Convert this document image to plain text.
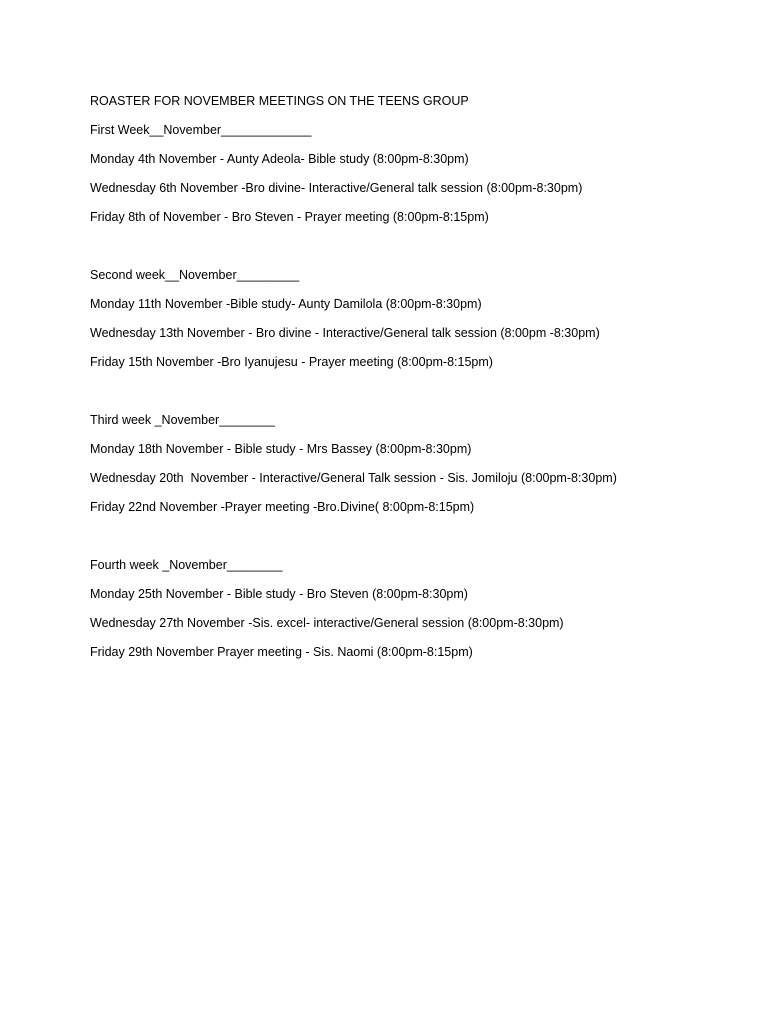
ROASTER FOR NOVEMBER MEETINGS ON THE TEENS GROUP
First Week__November_____________
Monday 4th November - Aunty Adeola- Bible study (8:00pm-8:30pm)
Wednesday 6th November -Bro divine- Interactive/General talk session (8:00pm-8:30pm)
Friday 8th of November - Bro Steven - Prayer meeting (8:00pm-8:15pm)
Second week__November_________
Monday 11th November -Bible study- Aunty Damilola (8:00pm-8:30pm)
Wednesday 13th November - Bro divine - Interactive/General talk session (8:00pm -8:30pm)
Friday 15th November -Bro Iyanujesu - Prayer meeting (8:00pm-8:15pm)
Third week _November________
Monday 18th November - Bible study - Mrs Bassey (8:00pm-8:30pm)
Wednesday 20th  November - Interactive/General Talk session - Sis. Jomiloju (8:00pm-8:30pm)
Friday 22nd November -Prayer meeting -Bro.Divine( 8:00pm-8:15pm)
Fourth week _November________
Monday 25th November - Bible study - Bro Steven (8:00pm-8:30pm)
Wednesday 27th November -Sis. excel- interactive/General session (8:00pm-8:30pm)
Friday 29th November Prayer meeting - Sis. Naomi (8:00pm-8:15pm)
